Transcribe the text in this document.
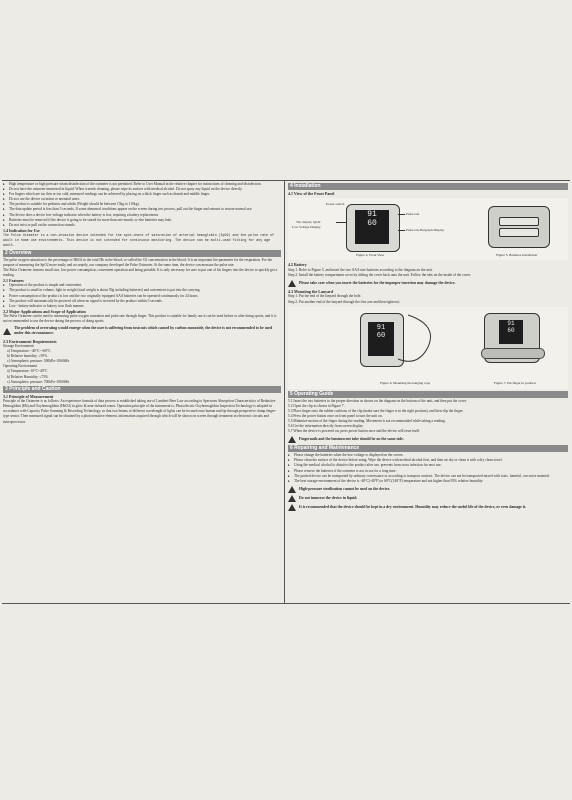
▸ High temperature or high pressure steam disinfection of the oximeter is not permitted. Refer to User Manual in the relative chapter for instructions of cleaning and disinfection.

▸ Do not have the oximeter immersed in liquid. When it needs cleaning, please wipe its surface with medical alcohol. Do not spray any liquid on the device directly.

▸ For fingers which are too thin or too cold, measured readings can be achieved by placing on a thick finger such as thumb and middle finger.

▸ Do not use the device on infant or neonatal users.

▸ The product is suitable for pediatric and adults (Weight should be between 15kg to 110kg).

▸ The data update period is less than 5 seconds, If some abnormal conditions appear on the screen during test process, pull out the finger and reinsert to restore normal use.

▸ The device does a device low-voltage indicator when the battery is low, requiring a battery replacement.

▸ Batteries must be removed if the device is going to be stored for more than one month, or else batteries may leak.

▸ Do not twist or pull on the connection strands.

1.4 Indication for Use

The Pulse Oximeter is a non-invasive device intended for the spot-check of saturation of arterial hemoglobin (SpO2) and the pulse rate of adult in home use environments. This device is not intended for continuous monitoring. The device can be multi-used fitting for any age adult.

2 Overview

The pulse oxygen saturation is the percentage of HbO2 in the total Hb in the blood, so-called the O2 concentration in the blood. It is an important bio-parameter for the respiration. For the purpose of measuring the SpO2 more easily and accurately, our company developed the Pulse Oximeter. At the same time, the device can measure the pulse rate.

The Pulse Oximeter features small size, low power consumption, convenient operation and being portable. It is only necessary for user to put one of his fingers into the device to quickly get a reading.

2.1 Features

▸ Operation of the product is simple and convenient.

▸ The product is small in volume, light in weight (total weight is about 50g including batteries) and convenient to put into the carrying.

▸ Power consumption of the product is low and the two originally equipped AAA batteries can be operated continuously for 24 hours.

▸ The product will automatically be powered off when no signal is received by the product within 5 seconds.

▸ Low - battery indicator or battery icon flash manner.

2.2 Major Applications and Scope of Application

The Pulse Oximeter can be used to measuring pulse oxygen saturation and pulse rate through finger. This product is suitable for family use it can be used before or after doing sports, and it is not recommended to use the device during the process of doing sports.

The problem of overrating would emerge when the user is suffering from toxicosis which caused by carbon monoxide, the device is not recommended to be used under this circumstance.
2.3 Environment Requirements

Storage Environment

a) Temperature: -40°C~+60°C

b) Relative humidity: ≤95%

c) Atmospheric pressure: 500hPa~1060hPa

Operating Environment

a) Temperature: 10°C~40°C

b) Relative Humidity: ≤75%

c) Atmospheric pressure: 700hPa~1060hPa

3 Principle and Caution
3.1 Principle of Measurement

Principle of the Oximeter is as follows: An experience formula of data process is established taking use of Lambert Beer Law according to Spectrum Absorption Characteristics of Reductive Hemoglobin (Hb) and Oxyhemoglobin (HbO2) in glow & near-infrared zones. Operation principle of the instrument is: Photoelectric Oxyhemoglobin Inspection Technology is adopted in accordance with Capacity Pulse Scanning & Recording Technology, so that two beams of different wavelength of lights can be focused onto human nail tip through perspective clamp finger-type sensor. Then measured signal can be obtained by a photosensitive element, information acquired through which will be shown on screen through treatment in electronic circuits and microprocessor.

4 Installation
4.1 View of the Front Panel
91
60
Power switch
Pulse rate
The display SpO2
Low Voltage Display
Pulse rate Bargraph Display
Figure 4. Front View	Figure 5. Batteries Installation
4.2 Battery

Step 1. Refer to Figure 5, and insert the two AAA size batteries according to the diagram on the unit.

Step 2. Install the battery compartment cover by sliding the cover back onto the unit. Follow the tabs on the inside of the cover.

Please take care when you insert the batteries for the improper insertion may damage the device.
4.3 Mounting the Lanyard

Step 1. Put the end of the lanyard through the hole.

Step 2. Put another end of the lanyard through the first one and then tighten it.

91
60
91
60
Figure 6. Mounting the hanging rope	Figure 7. Put finger in position
5 Operating Guide

5.1 Insert the two batteries to the proper direction as shown on the diagram on the bottom of the unit, and then put the cover.

5.2 Open the clip as shown in Figure 7.

5.3 Place finger onto the rubber cushions of the clip (make sure the finger is in the right position), and then clip the finger.

5.4 Press the power button once on front panel to turn the unit on.

5.5 Minimize motion of the finger during the reading. Movement is not recommended while taking a reading.

5.6 Get the information directly from screen display.

5.7 When the device is powered on, press power button once and the device will reset itself.

Fingernails and the luminescent tube should be on the same side.
6 Repairing and Maintenance

▸ Please change the batteries when the low-voltage is displayed on the screen.

▸ Please clean the surface of the device before using. Wipe the device with medical alcohol first, and then air dry or clean it with a dry clean towel.

▸ Using the medical alcohol to disinfect the product after use, prevents from cross infection for next use.

▸ Please remove the batteries if the oximeter is not in use for a long time.

▸ The packed device can be transported by ordinary conveyance or according to transport contract. The device can not be transported mixed with toxic, harmful, corrosive material.

▸ The best storage environment of the device is -40°C(-40°F) to 60°C(140°F) temperature and not higher than 95% relative humidity.

High-pressure sterilization cannot be used on the device.
Do not immerse the device in liquid.
It is recommended that the device should be kept in a dry environment. Humidity may reduce the useful life of the device, or even damage it.
